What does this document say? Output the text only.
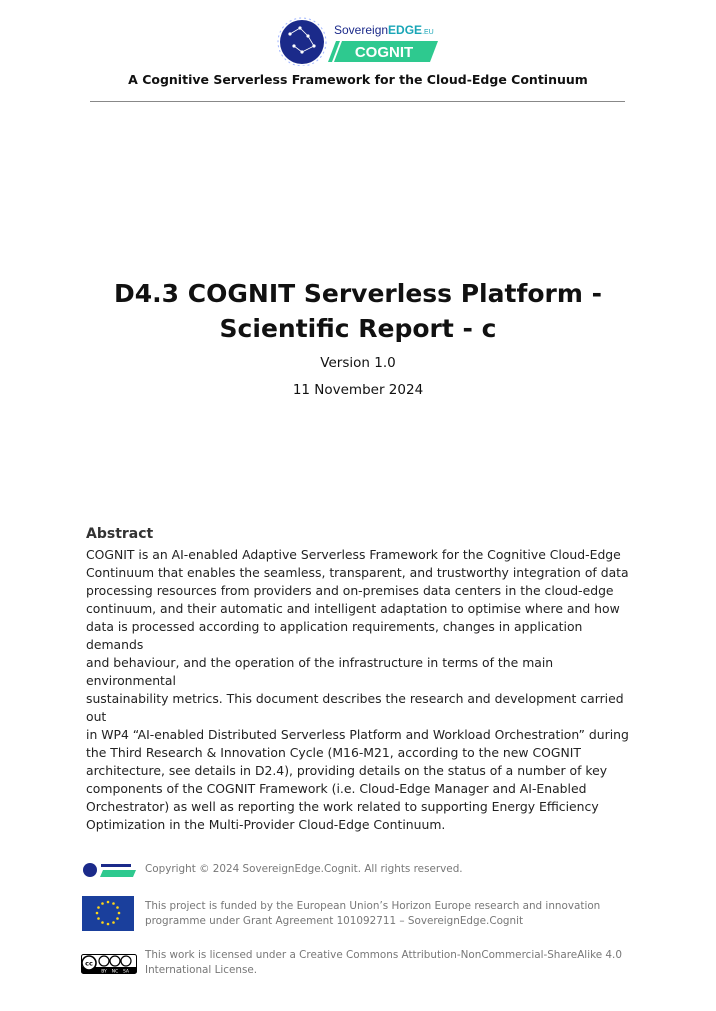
SovereignEDGE.EU
COGNIT
A Cognitive Serverless Framework for the Cloud-Edge Continuum
D4.3 COGNIT Serverless Platform -
Scientific Report - c
Version 1.0
11 November 2024
Abstract
COGNIT is an AI-enabled Adaptive Serverless Framework for the Cognitive Cloud-Edge
Continuum that enables the seamless, transparent, and trustworthy integration of data
processing resources from providers and on-premises data centers in the cloud-edge
continuum, and their automatic and intelligent adaptation to optimise where and how
data is processed according to application requirements, changes in application demands
and behaviour, and the operation of the infrastructure in terms of the main environmental
sustainability metrics. This document describes the research and development carried out
in WP4 “AI-enabled Distributed Serverless Platform and Workload Orchestration” during
the Third Research & Innovation Cycle (M16-M21, according to the new COGNIT
architecture, see details in D2.4), providing details on the status of a number of key
components of the COGNIT Framework (i.e. Cloud-Edge Manager and AI-Enabled
Orchestrator) as well as reporting the work related to supporting Energy Efficiency
Optimization in the Multi-Provider Cloud-Edge Continuum.
Copyright © 2024 SovereignEdge.Cognit. All rights reserved.
This project is funded by the European Union’s Horizon Europe research and innovation
programme under Grant Agreement 101092711 – SovereignEdge.Cognit
cc
BY NC SA
This work is licensed under a Creative Commons Attribution-NonCommercial-ShareAlike 4.0
International License.
